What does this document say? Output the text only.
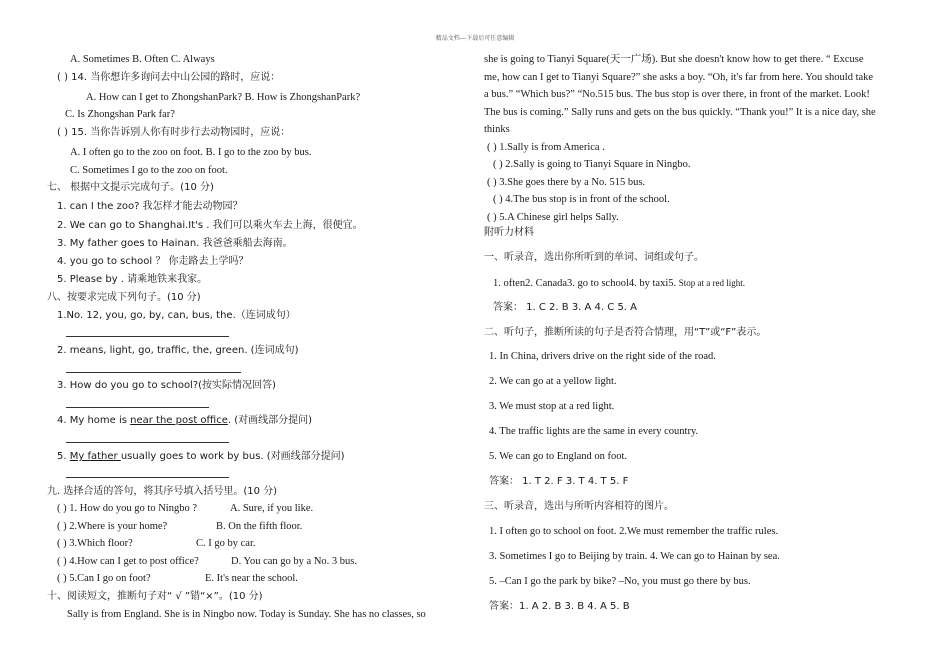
精品文档---下载后可任意编辑
A. Sometimes B. Often C. Always
( ) 14. 当你想许多询问去中山公园的路时，应说：
A. How can I get to ZhongshanPark? B. How is ZhongshanPark?
C. Is Zhongshan Park far?
( ) 15. 当你告诉别人你有时步行去动物园时，应说：
A. I often go to the zoo on foot. B. I go to the zoo by bus.
C. Sometimes I go to the zoo on foot.
七、 根据中文提示完成句子。(10 分)
1. can I the zoo? 我怎样才能去动物园？
2. We can go to Shanghai.It's . 我们可以乘火车去上海，很便宜。
3. My father goes to Hainan. 我爸爸乘船去海南。
4. you go to school ？ 你走路去上学吗？
5. Please by . 请乘地铁来我家。
八、按要求完成下列句子。(10 分)
1.No. 12, you, go, by, can, bus, the.（连词成句）
2. means, light, go, traffic, the, green. (连词成句)
3. How do you go to school?(按实际情况回答)
4. My home is near the post office. (对画线部分提问)
5. My father usually goes to work by bus. (对画线部分提问)
九. 选择合适的答句，将其序号填入括号里。(10 分)
( ) 1. How do you go to Ningbo ?	A. Sure, if you like.
( ) 2.Where is your home?	B. On the fifth floor.
( ) 3.Which floor?	C. I go by car.
( ) 4.How can I get to post office?	D. You can go by a No. 3 bus.
( ) 5.Can I go on foot?	E. It's near the school.
十、阅读短文，推断句子对“ √ ”错“×”。(10 分)
Sally is from England. She is in Ningbo now. Today is Sunday. She has no classes, so
she is going to Tianyi Square(天一广场). But she doesn't know how to get there. “ Excuse
me, how can I get to Tianyi Square?” she asks a boy. “Oh, it's far from here. You should take
a bus.” “Which bus?” “No.515 bus. The bus stop is over there, in front of the market. Look!
The bus is coming.” Sally runs and gets on the bus quickly. “Thank you!” It is a nice day, she
thinks
( ) 1.Sally is from America .
( ) 2.Sally is going to Tianyi Square in Ningbo.
( ) 3.She goes there by a No. 515 bus.
( ) 4.The bus stop is in front of the school.
( ) 5.A Chinese girl helps Sally.
附听力材料
一、听录音，选出你所听到的单词、词组或句子。
1. often2. Canada3. go to school4. by taxi5. Stop at a red light.
答案： 1. C 2. B 3. A 4. C 5. A
二、听句子，推断所读的句子是否符合情理，用“T”或“F”表示。
1. In China, drivers drive on the right side of the road.
2. We can go at a yellow light.
3. We must stop at a red light.
4. The traffic lights are the same in every country.
5. We can go to England on foot.
答案： 1. T 2. F 3. T 4. T 5. F
三、听录音，选出与所听内容相符的图片。
1. I often go to school on foot. 2.We must remember the traffic rules.
3. Sometimes I go to Beijing by train. 4. We can go to Hainan by sea.
5. –Can I go the park by bike? –No, you must go there by bus.
答案：1. A 2. B 3. B 4. A 5. B
